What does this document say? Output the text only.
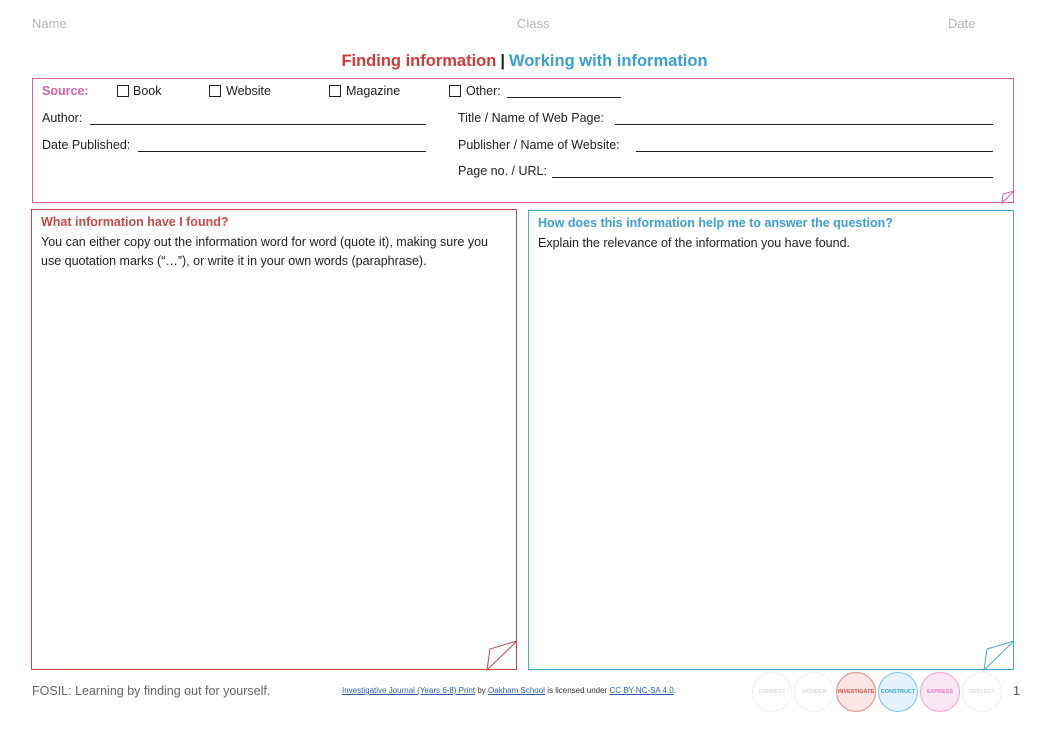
Name	Class	Date
Finding information | Working with information
Source:	Book	Website	Magazine	Other:
Author:
Date Published:
Title / Name of Web Page:
Publisher / Name of Website:
Page no. / URL:
What information have I found?
You can either copy out the information word for word (quote it), making sure you use quotation marks (“…”), or write it in your own words (paraphrase).
How does this information help me to answer the question?
Explain the relevance of the information you have found.
FOSIL: Learning by finding out for yourself.	Investigative Journal (Years 6-8) Print by Oakham School is licensed under CC BY-NC-SA 4.0.	CONNECT	WONDER	INVESTIGATE	CONSTRUCT	EXPRESS	REFLECT	1
